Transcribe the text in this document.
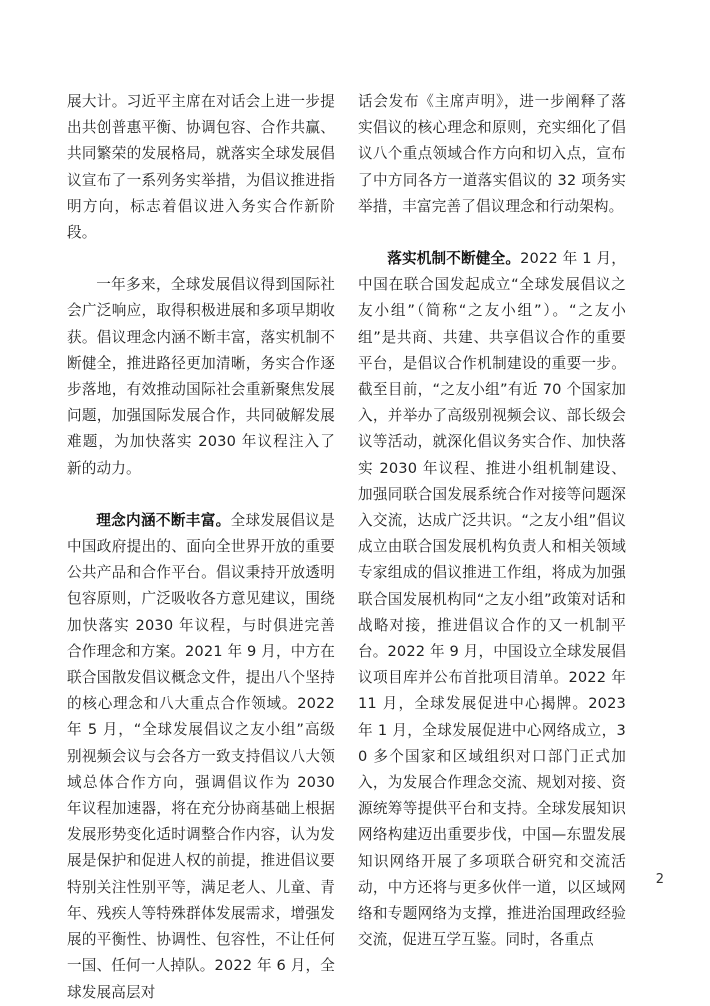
展大计。习近平主席在对话会上进一步提出共创普惠平衡、协调包容、合作共赢、共同繁荣的发展格局，就落实全球发展倡议宣布了一系列务实举措，为倡议推进指明方向，标志着倡议进入务实合作新阶段。

一年多来，全球发展倡议得到国际社会广泛响应，取得积极进展和多项早期收获。倡议理念内涵不断丰富，落实机制不断健全，推进路径更加清晰，务实合作逐步落地，有效推动国际社会重新聚焦发展问题，加强国际发展合作，共同破解发展难题，为加快落实 2030 年议程注入了新的动力。

理念内涵不断丰富。全球发展倡议是中国政府提出的、面向全世界开放的重要公共产品和合作平台。倡议秉持开放透明包容原则，广泛吸收各方意见建议，围绕加快落实 2030 年议程，与时俱进完善合作理念和方案。2021 年 9 月，中方在联合国散发倡议概念文件，提出八个坚持的核心理念和八大重点合作领域。2022 年 5 月，“全球发展倡议之友小组”高级别视频会议与会各方一致支持倡议八大领域总体合作方向，强调倡议作为 2030 年议程加速器，将在充分协商基础上根据发展形势变化适时调整合作内容，认为发展是保护和促进人权的前提，推进倡议要特别关注性别平等，满足老人、儿童、青年、残疾人等特殊群体发展需求，增强发展的平衡性、协调性、包容性，不让任何一国、任何一人掉队。2022 年 6 月，全球发展高层对

话会发布《主席声明》，进一步阐释了落实倡议的核心理念和原则，充实细化了倡议八个重点领域合作方向和切入点，宣布了中方同各方一道落实倡议的 32 项务实举措，丰富完善了倡议理念和行动架构。

落实机制不断健全。2022 年 1 月，中国在联合国发起成立“全球发展倡议之友小组”（简称“之友小组”）。“之友小组”是共商、共建、共享倡议合作的重要平台，是倡议合作机制建设的重要一步。截至目前，“之友小组”有近 70 个国家加入，并举办了高级别视频会议、部长级会议等活动，就深化倡议务实合作、加快落实 2030 年议程、推进小组机制建设、加强同联合国发展系统合作对接等问题深入交流，达成广泛共识。“之友小组”倡议成立由联合国发展机构负责人和相关领域专家组成的倡议推进工作组，将成为加强联合国发展机构同“之友小组”政策对话和战略对接，推进倡议合作的又一机制平台。2022 年 9 月，中国设立全球发展倡议项目库并公布首批项目清单。2022 年 11 月，全球发展促进中心揭牌。2023 年 1 月，全球发展促进中心网络成立，30 多个国家和区域组织对口部门正式加入，为发展合作理念交流、规划对接、资源统筹等提供平台和支持。全球发展知识网络构建迈出重要步伐，中国—东盟发展知识网络开展了多项联合研究和交流活动，中方还将与更多伙伴一道，以区域网络和专题网络为支撑，推进治国理政经验交流，促进互学互鉴。同时，各重点

2
